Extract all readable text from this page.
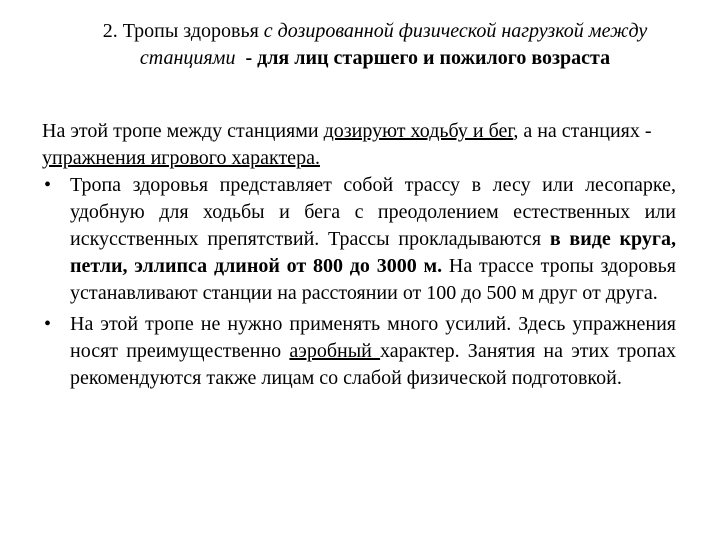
2. Тропы здоровья с дозированной физической нагрузкой между
станциями - для лиц старшего и пожилого возраста

На этой тропе между станциями дозируют ходьбу и бег, а на станциях - упражнения игрового характера.

• Тропа здоровья представляет собой трассу в лесу или лесопарке, удобную для ходьбы и бега с преодолением естественных или искусственных препятствий. Трассы прокладываются в виде круга, петли, эллипса длиной от 800 до 3000 м. На трассе тропы здоровья устанавливают станции на расстоянии от 100 до 500 м друг от друга.
• На этой тропе не нужно применять много усилий. Здесь упражнения носят преимущественно аэробный характер. Занятия на этих тропах рекомендуются также лицам со слабой физической подготовкой.
